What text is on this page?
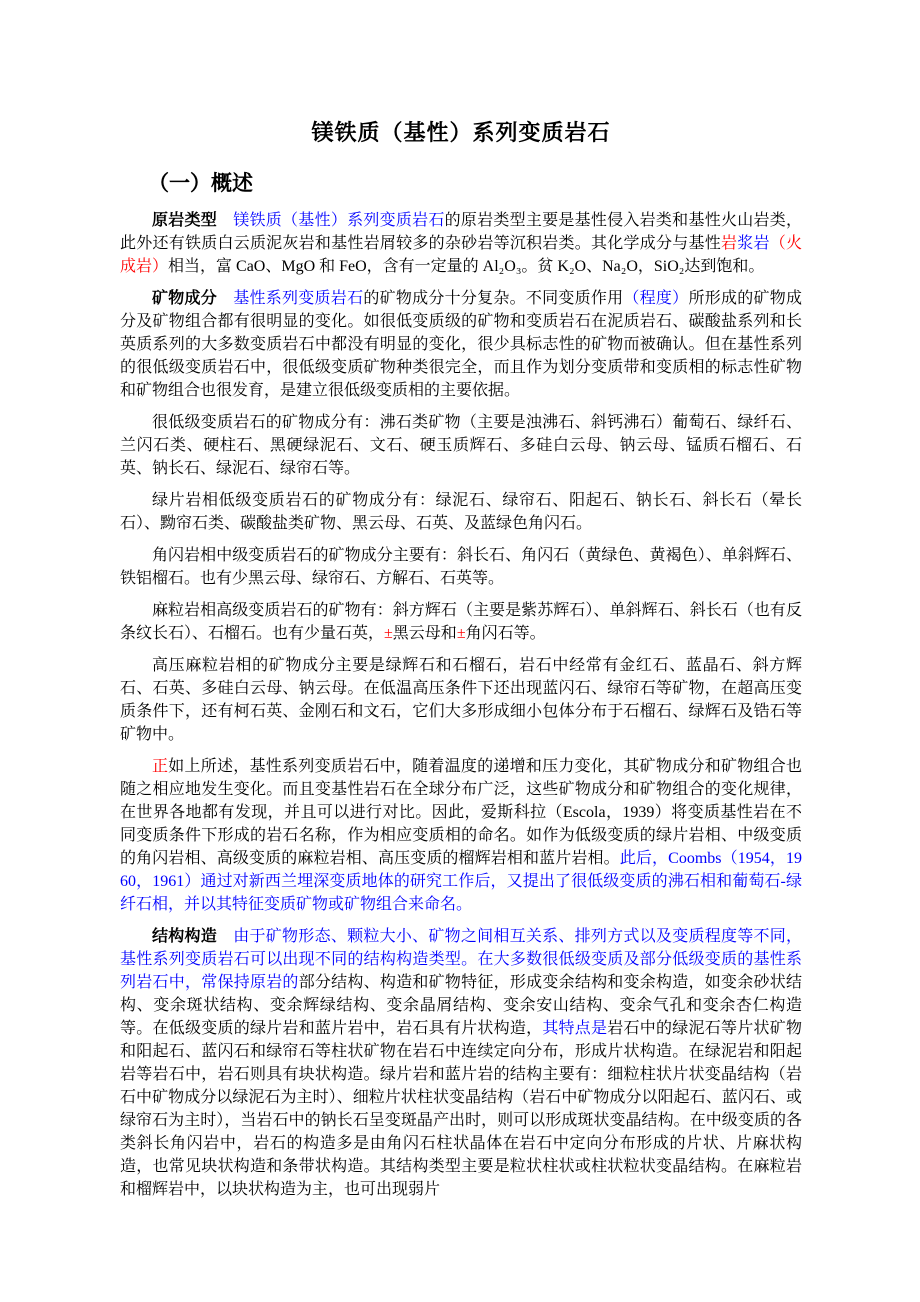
镁铁质（基性）系列变质岩石
（一）概述

原岩类型　镁铁质（基性）系列变质岩石的原岩类型主要是基性侵入岩类和基性火山岩类，此外还有铁质白云质泥灰岩和基性岩屑较多的杂砂岩等沉积岩类。其化学成分与基性岩浆岩（火成岩）相当，富 CaO、MgO 和 FeO，含有一定量的 Al₂O₃。贫 K₂O、Na₂O，SiO₂达到饱和。

矿物成分　基性系列变质岩石的矿物成分十分复杂。不同变质作用（程度）所形成的矿物成分及矿物组合都有很明显的变化。如很低变质级的矿物和变质岩石在泥质岩石、碳酸盐系列和长英质系列的大多数变质岩石中都没有明显的变化，很少具标志性的矿物而被确认。但在基性系列的很低级变质岩石中，很低级变质矿物种类很完全，而且作为划分变质带和变质相的标志性矿物和矿物组合也很发育，是建立很低级变质相的主要依据。

很低级变质岩石的矿物成分有：沸石类矿物（主要是浊沸石、斜钙沸石）葡萄石、绿纤石、兰闪石类、硬柱石、黑硬绿泥石、文石、硬玉质辉石、多硅白云母、钠云母、锰质石榴石、石英、钠长石、绿泥石、绿帘石等。

绿片岩相低级变质岩石的矿物成分有：绿泥石、绿帘石、阳起石、钠长石、斜长石（晕长石）、黝帘石类、碳酸盐类矿物、黑云母、石英、及蓝绿色角闪石。

角闪岩相中级变质岩石的矿物成分主要有：斜长石、角闪石（黄绿色、黄褐色）、单斜辉石、铁铝榴石。也有少黑云母、绿帘石、方解石、石英等。

麻粒岩相高级变质岩石的矿物有：斜方辉石（主要是紫苏辉石）、单斜辉石、斜长石（也有反条纹长石）、石榴石。也有少量石英，±黑云母和±角闪石等。

高压麻粒岩相的矿物成分主要是绿辉石和石榴石，岩石中经常有金红石、蓝晶石、斜方辉石、石英、多硅白云母、钠云母。在低温高压条件下还出现蓝闪石、绿帘石等矿物，在超高压变质条件下，还有柯石英、金刚石和文石，它们大多形成细小包体分布于石榴石、绿辉石及锆石等矿物中。

正如上所述，基性系列变质岩石中，随着温度的递增和压力变化，其矿物成分和矿物组合也随之相应地发生变化。而且变基性岩石在全球分布广泛，这些矿物成分和矿物组合的变化规律，在世界各地都有发现，并且可以进行对比。因此，爱斯科拉（Escola，1939）将变质基性岩在不同变质条件下形成的岩石名称，作为相应变质相的命名。如作为低级变质的绿片岩相、中级变质的角闪岩相、高级变质的麻粒岩相、高压变质的榴辉岩相和蓝片岩相。此后，Coombs（1954，1960，1961）通过对新西兰埋深变质地体的研究工作后，又提出了很低级变质的沸石相和葡萄石-绿纤石相，并以其特征变质矿物或矿物组合来命名。

结构构造　由于矿物形态、颗粒大小、矿物之间相互关系、排列方式以及变质程度等不同，基性系列变质岩石可以出现不同的结构构造类型。在大多数很低级变质及部分低级变质的基性系列岩石中，常保持原岩的部分结构、构造和矿物特征，形成变余结构和变余构造，如变余砂状结构、变余斑状结构、变余辉绿结构、变余晶屑结构、变余安山结构、变余气孔和变余杏仁构造等。在低级变质的绿片岩和蓝片岩中，岩石具有片状构造，其特点是岩石中的绿泥石等片状矿物和阳起石、蓝闪石和绿帘石等柱状矿物在岩石中连续定向分布，形成片状构造。在绿泥岩和阳起岩等岩石中，岩石则具有块状构造。绿片岩和蓝片岩的结构主要有：细粒柱状片状变晶结构（岩石中矿物成分以绿泥石为主时）、细粒片状柱状变晶结构（岩石中矿物成分以阳起石、蓝闪石、或绿帘石为主时），当岩石中的钠长石呈变斑晶产出时，则可以形成斑状变晶结构。在中级变质的各类斜长角闪岩中，岩石的构造多是由角闪石柱状晶体在岩石中定向分布形成的片状、片麻状构造，也常见块状构造和条带状构造。其结构类型主要是粒状柱状或柱状粒状变晶结构。在麻粒岩和榴辉岩中，以块状构造为主，也可出现弱片
